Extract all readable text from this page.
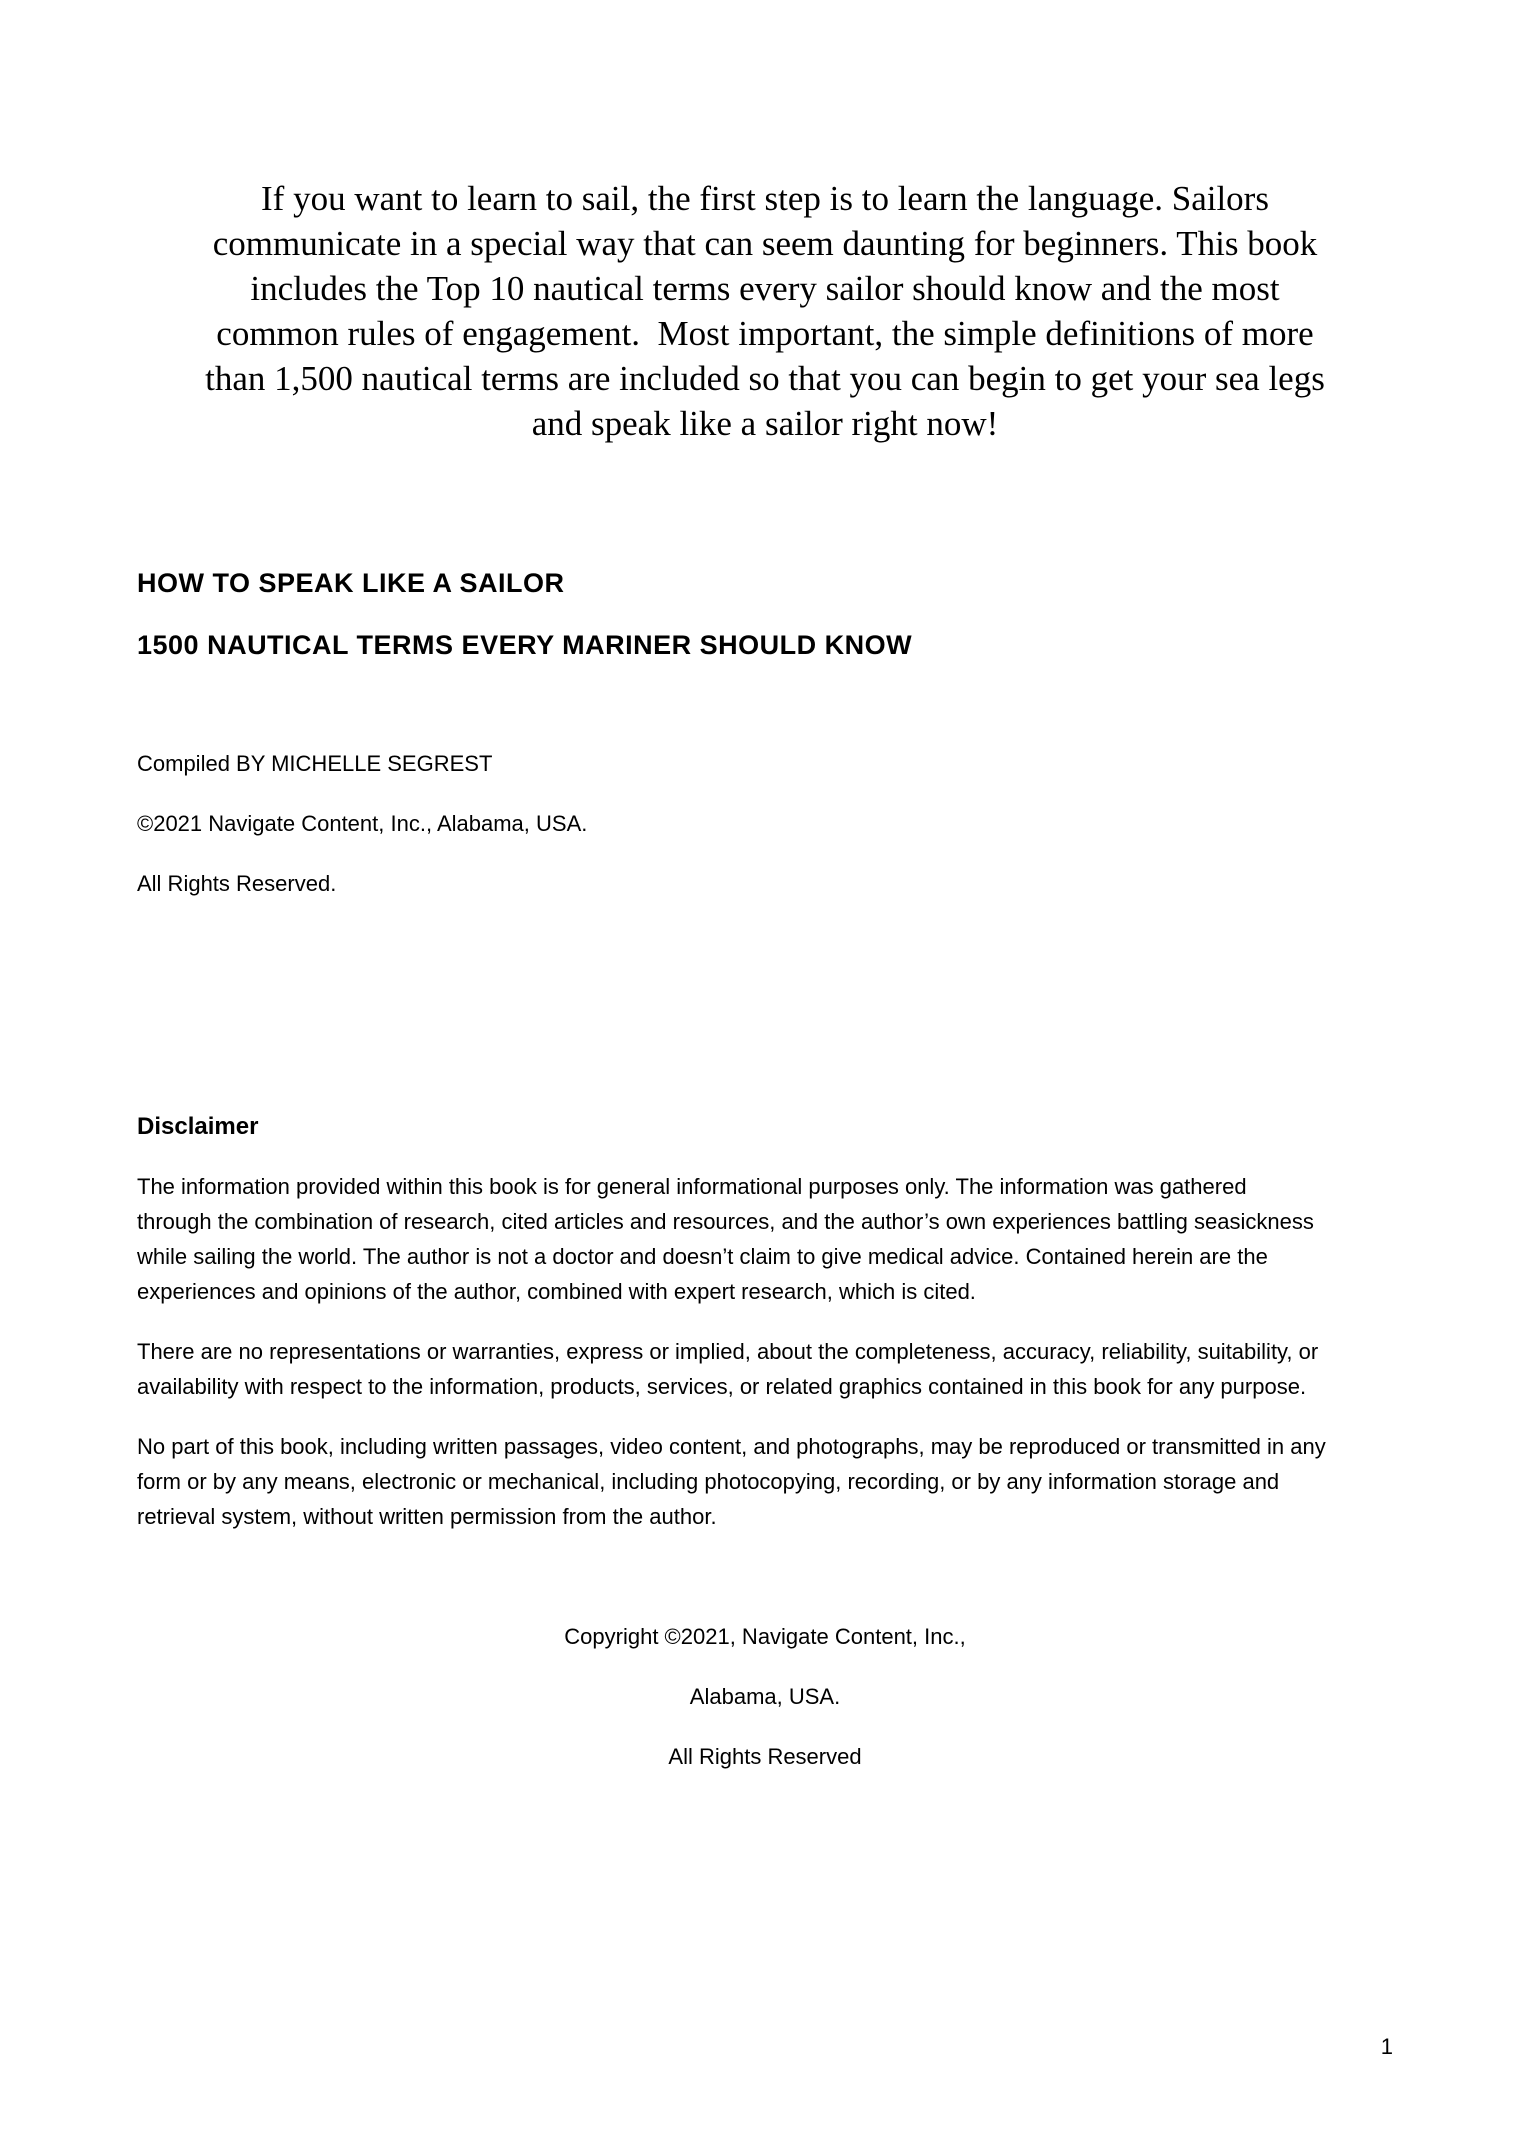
If you want to learn to sail, the first step is to learn the language. Sailors
communicate in a special way that can seem daunting for beginners. This book
includes the Top 10 nautical terms every sailor should know and the most
common rules of engagement.  Most important, the simple definitions of more
than 1,500 nautical terms are included so that you can begin to get your sea legs
and speak like a sailor right now!
HOW TO SPEAK LIKE A SAILOR
1500 NAUTICAL TERMS EVERY MARINER SHOULD KNOW
Compiled BY MICHELLE SEGREST
©2021 Navigate Content, Inc., Alabama, USA.
All Rights Reserved.
Disclaimer

The information provided within this book is for general informational purposes only. The information was gathered
through the combination of research, cited articles and resources, and the author’s own experiences battling seasickness
while sailing the world. The author is not a doctor and doesn’t claim to give medical advice. Contained herein are the
experiences and opinions of the author, combined with expert research, which is cited.

There are no representations or warranties, express or implied, about the completeness, accuracy, reliability, suitability, or
availability with respect to the information, products, services, or related graphics contained in this book for any purpose.

No part of this book, including written passages, video content, and photographs, may be reproduced or transmitted in any
form or by any means, electronic or mechanical, including photocopying, recording, or by any information storage and
retrieval system, without written permission from the author.

Copyright ©2021, Navigate Content, Inc.,
Alabama, USA.
All Rights Reserved
1
